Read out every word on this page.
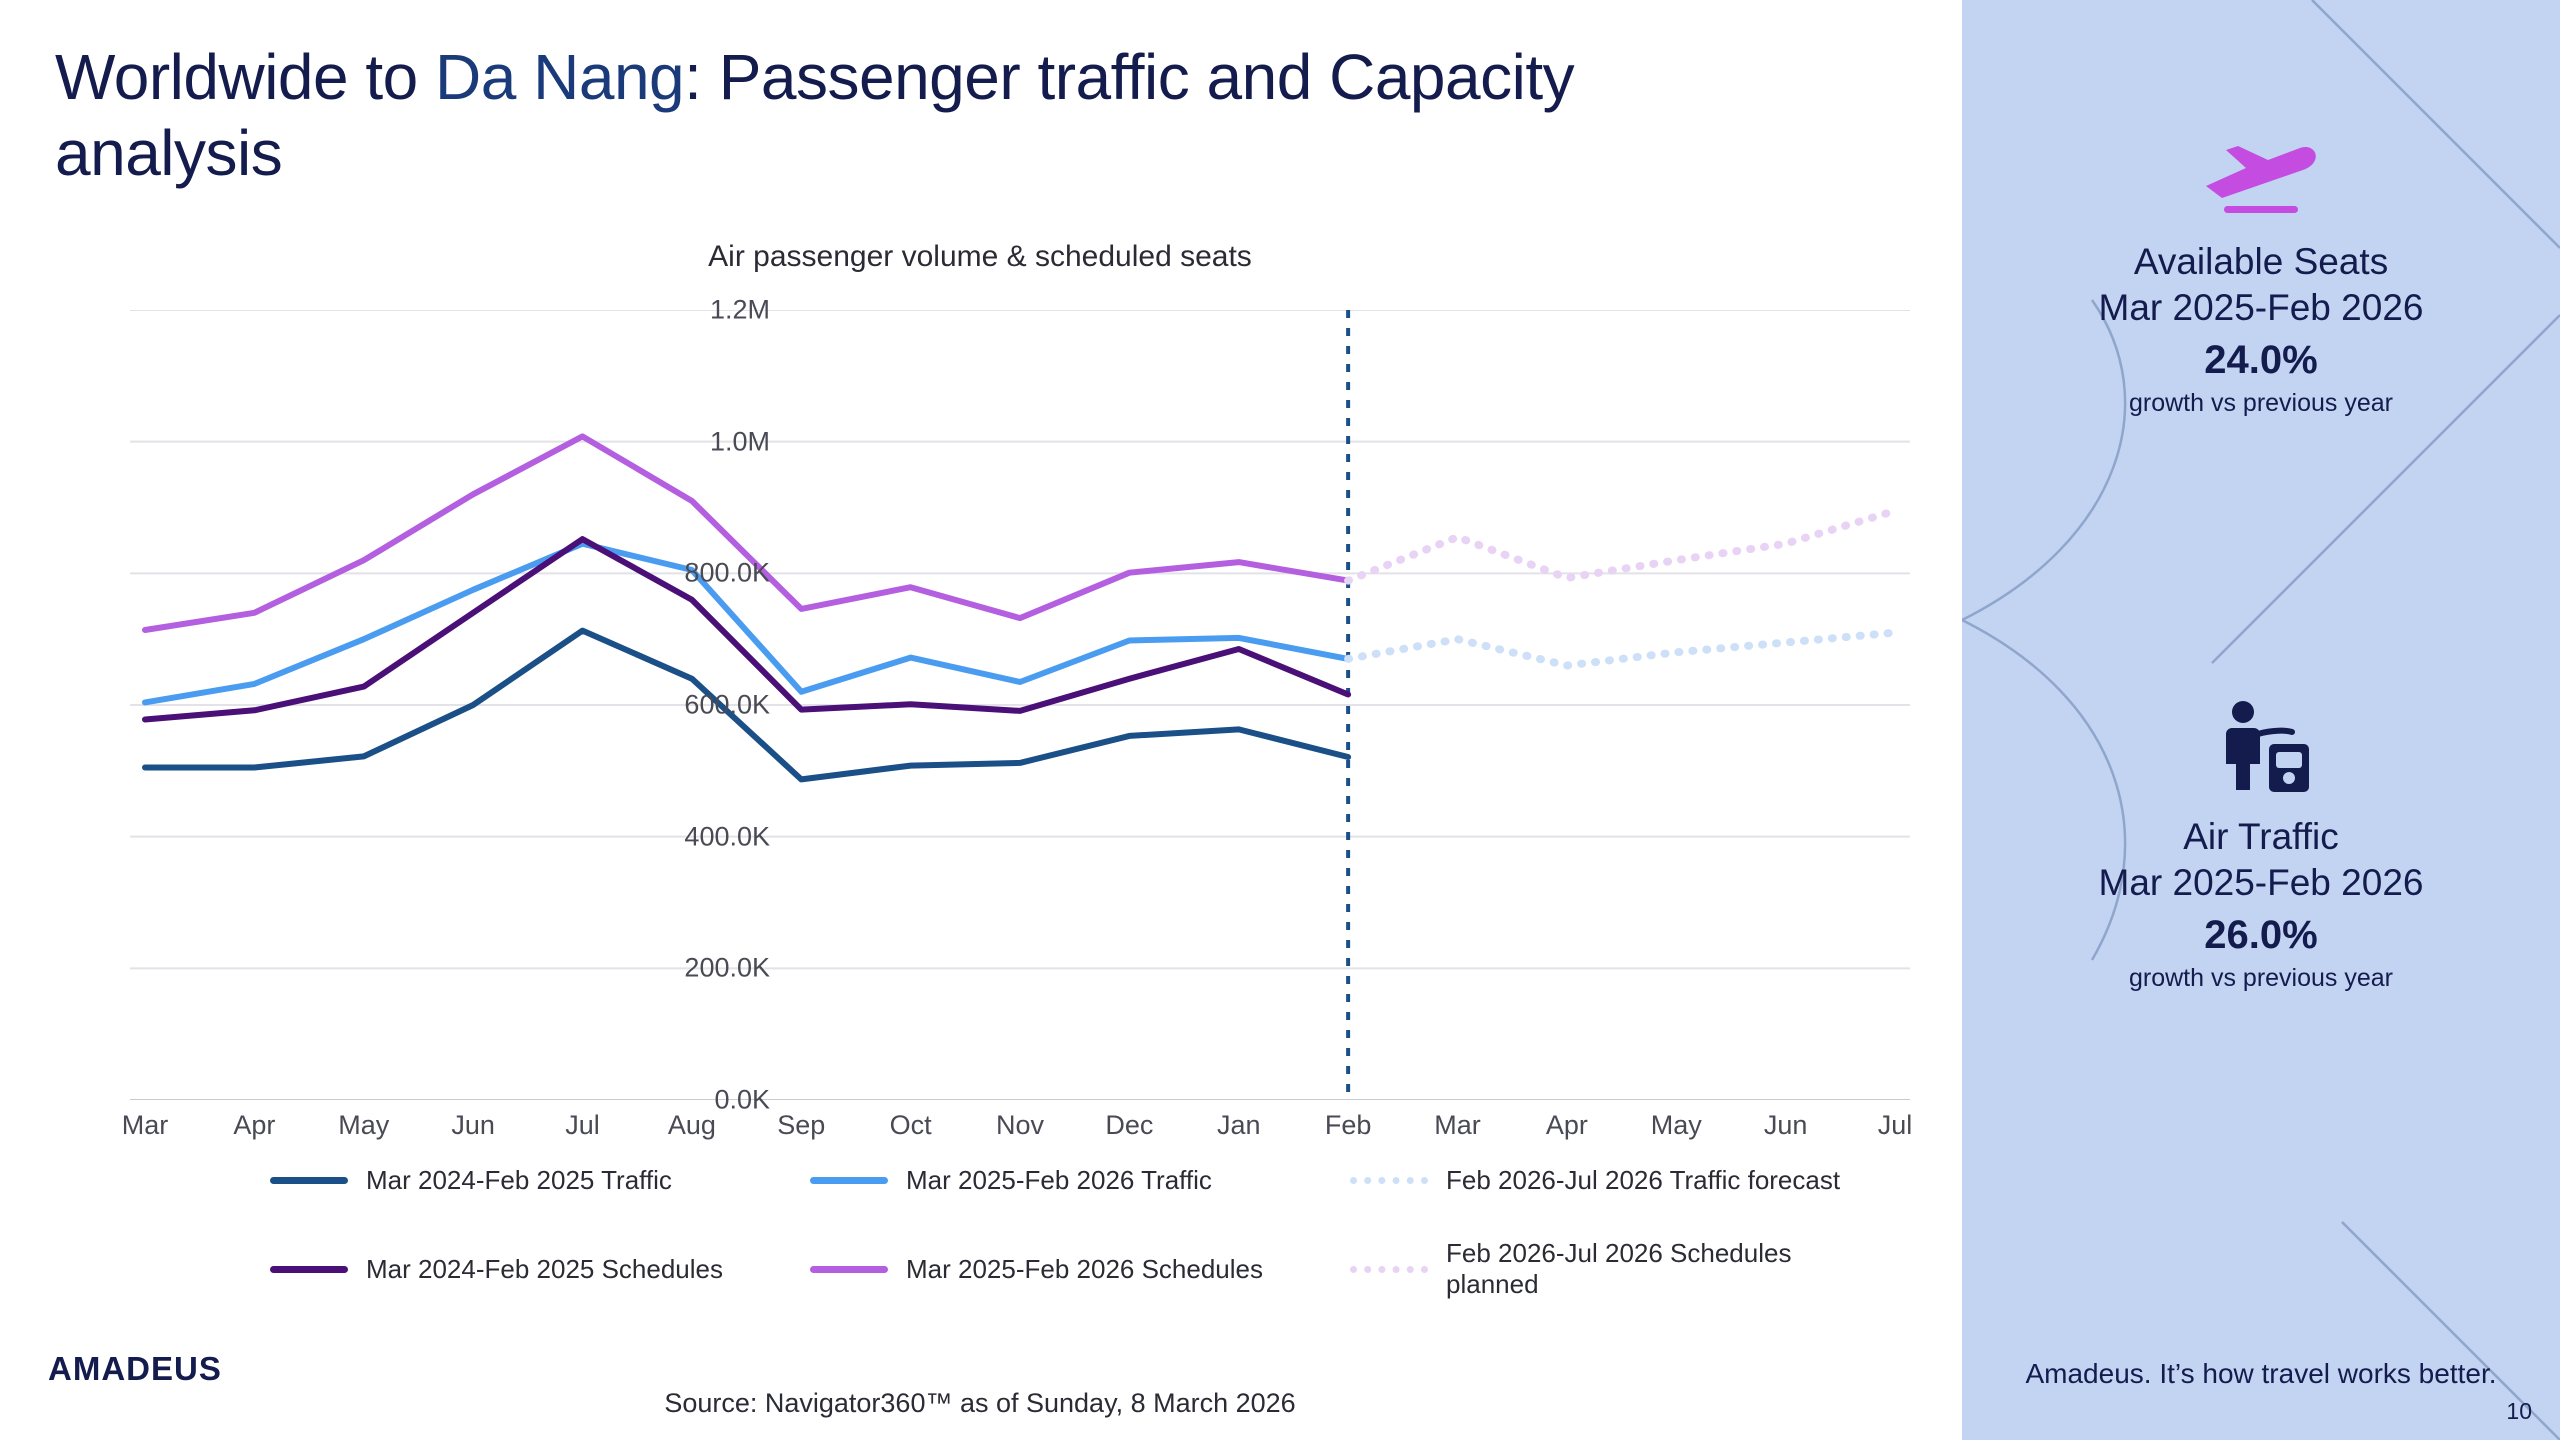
Worldwide to Da Nang: Passenger traffic and Capacity analysis
Air passenger volume & scheduled seats
Mar Apr May Jun	Jul	Aug Sep Oct Nov Dec Jan Feb Mar Apr May Jun	Jul
Mar 2024-Feb 2025 Traffic	Mar 2025-Feb 2026 Traffic	Feb 2026-Jul 2026 Traffic forecast
Mar 2024-Feb 2025 Schedules	Mar 2025-Feb 2026 Schedules
Feb 2026-Jul 2026 Schedules planned
AMADEUS
Source: Navigator360™ as of Sunday, 8 March 2026
Available Seats
Mar 2025-Feb 2026
24.0%
growth vs previous year
Air Traffic
Mar 2025-Feb 2026
26.0%
growth vs previous year
Amadeus. It’s how travel works better.
10
0.0K
200.0K
400.0K
600.0K
800.0K
1.0M
1.2M
